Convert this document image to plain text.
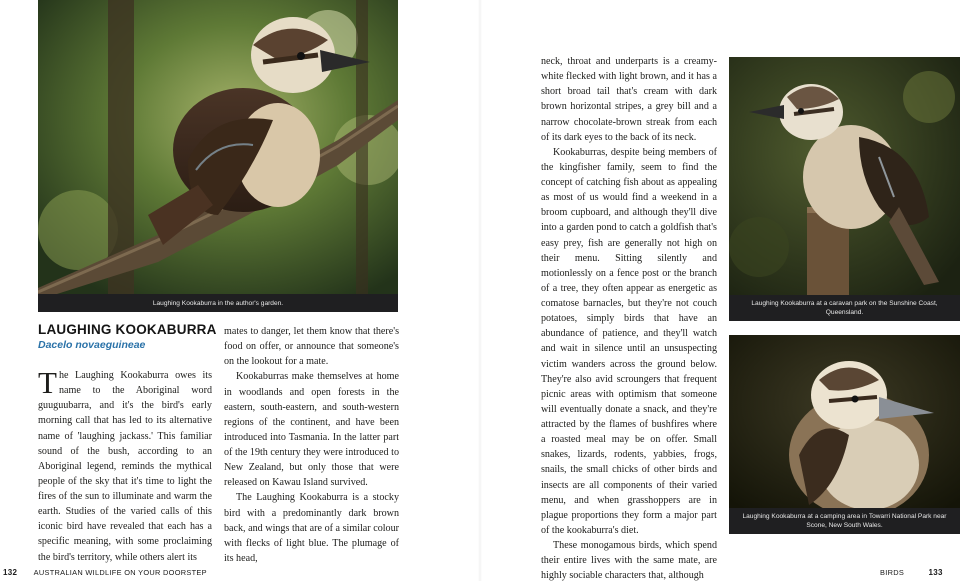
Laughing Kookaburra in the author's garden.
LAUGHING KOOKABURRA
Dacelo novaeguineae

The Laughing Kookaburra owes its name to the Aboriginal word guuguubarra, and it's the bird's early morning call that has led to its alternative name of 'laughing jackass.' This familiar sound of the bush, according to an Aboriginal legend, reminds the mythical people of the sky that it's time to light the fires of the sun to illuminate and warm the earth. Studies of the varied calls of this iconic bird have revealed that each has a specific meaning, with some proclaiming the bird's territory, while others alert its

mates to danger, let them know that there's food on offer, or announce that someone's on the lookout for a mate.

Kookaburras make themselves at home in woodlands and open forests in the eastern, south-eastern, and south-western regions of the continent, and have been introduced into Tasmania. In the latter part of the 19th century they were introduced to New Zealand, but only those that were released on Kawau Island survived.

The Laughing Kookaburra is a stocky bird with a predominantly dark brown back, and wings that are of a similar colour with flecks of light blue. The plumage of its head,

neck, throat and underparts is a creamy-white flecked with light brown, and it has a short broad tail that's cream with dark brown horizontal stripes, a grey bill and a narrow chocolate-brown streak from each of its dark eyes to the back of its neck.

Kookaburras, despite being members of the kingfisher family, seem to find the concept of catching fish about as appealing as most of us would find a weekend in a broom cupboard, and although they'll dive into a garden pond to catch a goldfish that's easy prey, fish are generally not high on their menu. Sitting silently and motionlessly on a fence post or the branch of a tree, they often appear as energetic as comatose barnacles, but they're not couch potatoes, simply birds that have an abundance of patience, and they'll watch and wait in silence until an unsuspecting victim wanders across the ground below. They're also avid scroungers that frequent picnic areas with optimism that someone will eventually donate a snack, and they're attracted by the flames of bushfires where a roasted meal may be on offer. Small snakes, lizards, rodents, yabbies, frogs, snails, the small chicks of other birds and insects are all components of their varied menu, and when grasshoppers are in plague proportions they form a major part of the kookaburra's diet.

These monogamous birds, which spend their entire lives with the same mate, are highly sociable characters that, although

Laughing Kookaburra at a caravan park on the Sunshine Coast, Queensland.
Laughing Kookaburra at a camping area in Towarri National Park near Scone, New South Wales.
132 AUSTRALIAN WILDLIFE ON YOUR DOORSTEP	BIRDS	133
